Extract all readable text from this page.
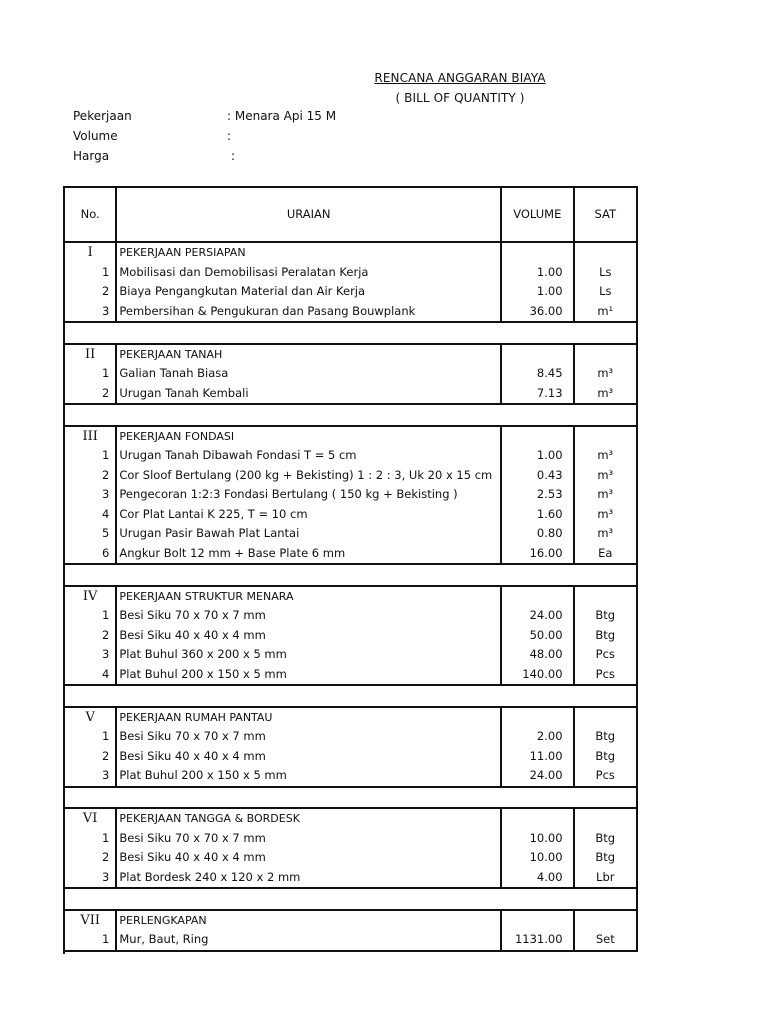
RENCANA ANGGARAN BIAYA
( BILL OF QUANTITY )
Pekerjaan	: Menara Api 15 M
Volume	:
Harga	:
No.	URAIAN	VOLUME	SAT
I	PEKERJAAN PERSIAPAN		
1	Mobilisasi dan Demobilisasi Peralatan Kerja	1.00	Ls
2	Biaya Pengangkutan Material dan Air Kerja	1.00	Ls
3	Pembersihan & Pengukuran dan Pasang Bouwplank	36.00	m¹

II	PEKERJAAN TANAH		
1	Galian Tanah Biasa	8.45	m³
2	Urugan Tanah Kembali	7.13	m³

III	PEKERJAAN FONDASI		
1	Urugan Tanah Dibawah Fondasi T = 5 cm	1.00	m³
2	Cor Sloof Bertulang (200 kg + Bekisting) 1 : 2 : 3, Uk 20 x 15 cm	0.43	m³
3	Pengecoran 1:2:3 Fondasi Bertulang ( 150 kg + Bekisting )	2.53	m³
4	Cor Plat Lantai K 225, T = 10 cm	1.60	m³
5	Urugan Pasir Bawah Plat Lantai	0.80	m³
6	Angkur Bolt 12 mm + Base Plate 6 mm	16.00	Ea

IV	PEKERJAAN STRUKTUR MENARA		
1	Besi Siku 70 x 70 x 7 mm	24.00	Btg
2	Besi Siku 40 x 40 x 4 mm	50.00	Btg
3	Plat Buhul 360 x 200 x 5 mm	48.00	Pcs
4	Plat Buhul 200 x 150 x 5 mm	140.00	Pcs

V	PEKERJAAN RUMAH PANTAU		
1	Besi Siku 70 x 70 x 7 mm	2.00	Btg
2	Besi Siku 40 x 40 x 4 mm	11.00	Btg
3	Plat Buhul 200 x 150 x 5 mm	24.00	Pcs

VI	PEKERJAAN TANGGA & BORDESK		
1	Besi Siku 70 x 70 x 7 mm	10.00	Btg
2	Besi Siku 40 x 40 x 4 mm	10.00	Btg
3	Plat Bordesk 240 x 120 x 2 mm	4.00	Lbr

VII	PERLENGKAPAN		
1	Mur, Baut, Ring	1131.00	Set
